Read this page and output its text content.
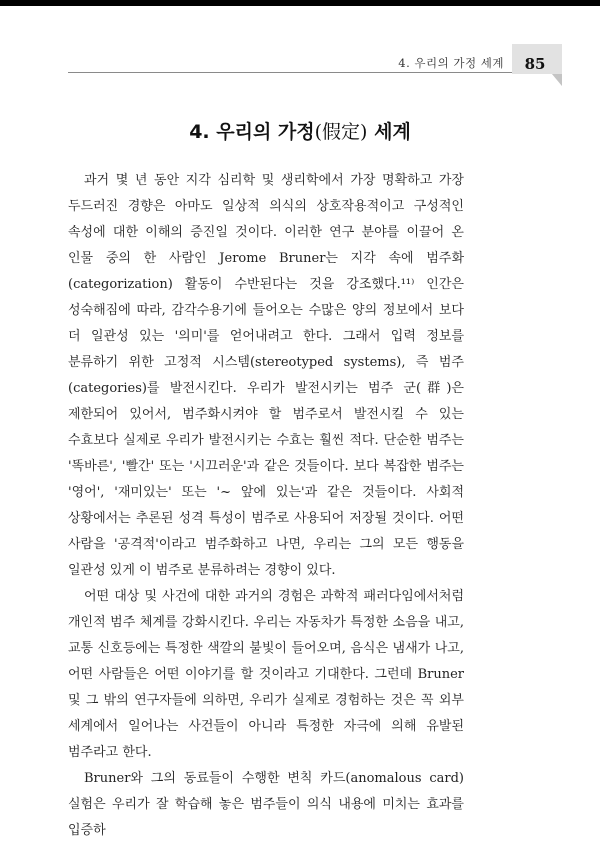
4. 우리의 가정 세계	85
4. 우리의 가정(假定) 세계

과거 몇 년 동안 지각 심리학 및 생리학에서 가장 명확하고 가장 두드러진 경향은 아마도 일상적 의식의 상호작용적이고 구성적인 속성에 대한 이해의 증진일 것이다. 이러한 연구 분야를 이끌어 온 인물 중의 한 사람인 Jerome Bruner는 지각 속에 범주화(categorization) 활동이 수반된다는 것을 강조했다.¹¹⁾ 인간은 성숙해짐에 따라, 감각수용기에 들어오는 수많은 양의 정보에서 보다 더 일관성 있는 '의미'를 얻어내려고 한다. 그래서 입력 정보를 분류하기 위한 고정적 시스템(stereotyped systems), 즉 범주(categories)를 발전시킨다. 우리가 발전시키는 범주 군(群)은 제한되어 있어서, 범주화시켜야 할 범주로서 발전시킬 수 있는 수효보다 실제로 우리가 발전시키는 수효는 훨씬 적다. 단순한 범주는 '똑바른', '빨간' 또는 '시끄러운'과 같은 것들이다. 보다 복잡한 범주는 '영어', '재미있는' 또는 '~ 앞에 있는'과 같은 것들이다. 사회적 상황에서는 추론된 성격 특성이 범주로 사용되어 저장될 것이다. 어떤 사람을 '공격적'이라고 범주화하고 나면, 우리는 그의 모든 행동을 일관성 있게 이 범주로 분류하려는 경향이 있다.

어떤 대상 및 사건에 대한 과거의 경험은 과학적 패러다임에서처럼 개인적 범주 체계를 강화시킨다. 우리는 자동차가 특정한 소음을 내고, 교통 신호등에는 특정한 색깔의 불빛이 들어오며, 음식은 냄새가 나고, 어떤 사람들은 어떤 이야기를 할 것이라고 기대한다. 그런데 Bruner 및 그 밖의 연구자들에 의하면, 우리가 실제로 경험하는 것은 꼭 외부 세계에서 일어나는 사건들이 아니라 특정한 자극에 의해 유발된 범주라고 한다.

Bruner와 그의 동료들이 수행한 변칙 카드(anomalous card) 실험은 우리가 잘 학습해 놓은 범주들이 의식 내용에 미치는 효과를 입증하
